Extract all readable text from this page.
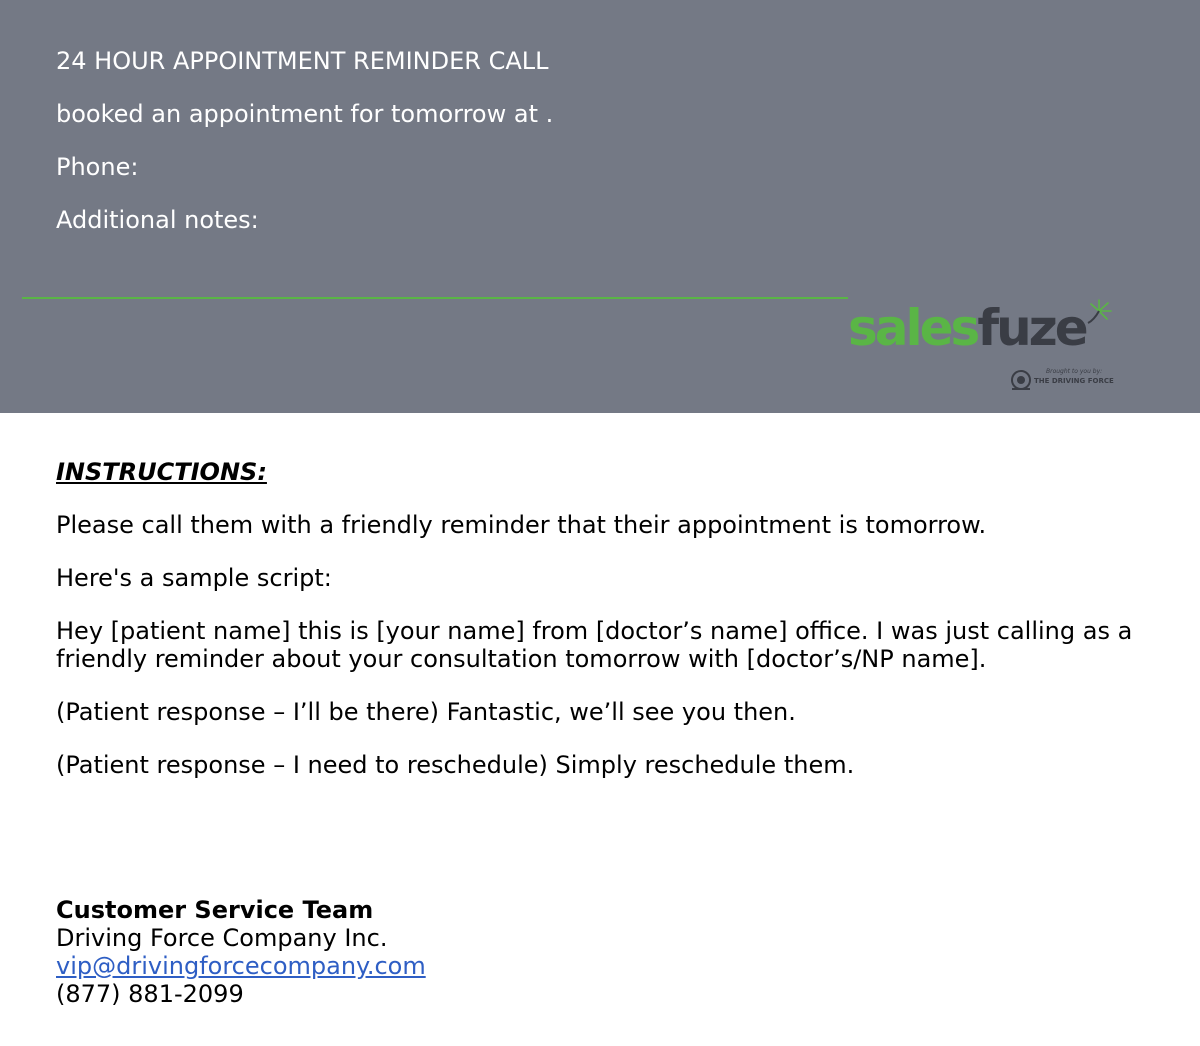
24 HOUR APPOINTMENT REMINDER CALL
booked an appointment for tomorrow at .
Phone:
Additional notes:
salesfuze
Brought to you by:
THE DRIVING FORCE

INSTRUCTIONS:

Please call them with a friendly reminder that their appointment is tomorrow.

Here's a sample script:

Hey [patient name] this is [your name] from [doctor’s name] office. I was just calling as a friendly reminder about your consultation tomorrow with [doctor’s/NP name].

(Patient response – I’ll be there) Fantastic, we’ll see you then.

(Patient response – I need to reschedule) Simply reschedule them.

Customer Service Team
Driving Force Company Inc.
vip@drivingforcecompany.com
(877) 881-2099
